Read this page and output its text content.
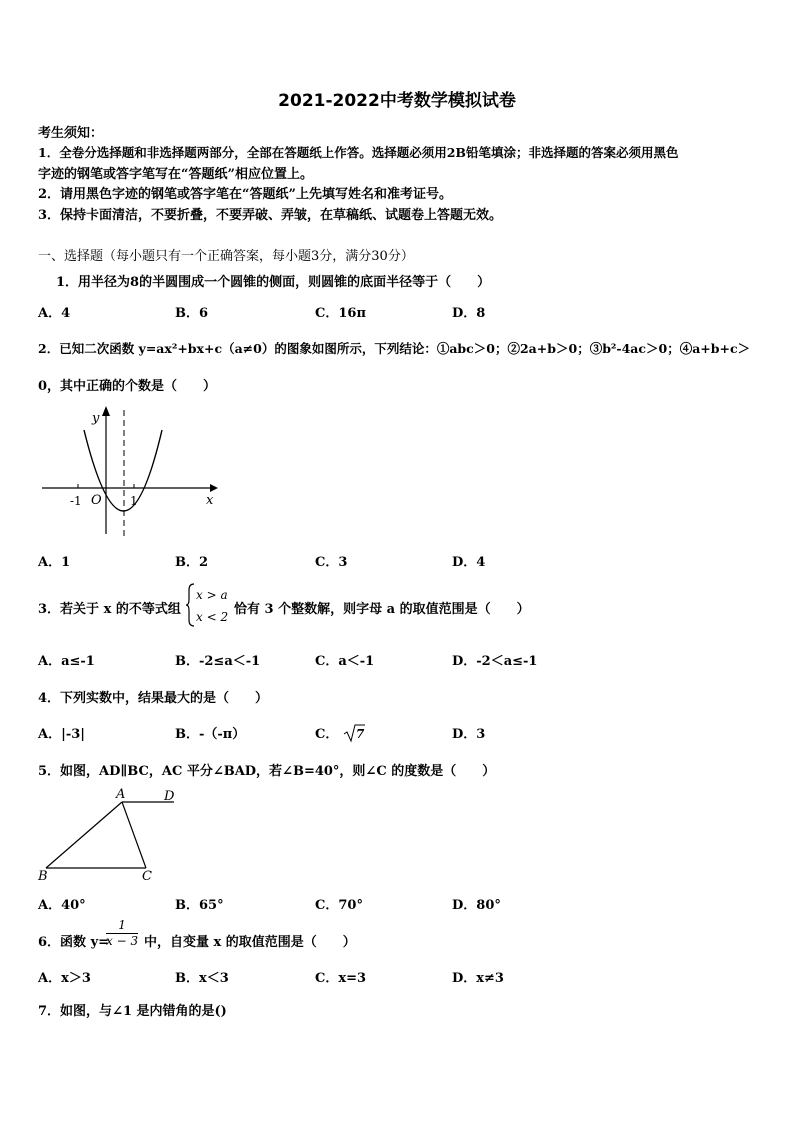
2021-2022中考数学模拟试卷
考生须知：
1．全卷分选择题和非选择题两部分，全部在答题纸上作答。选择题必须用2B铅笔填涂；非选择题的答案必须用黑色
字迹的钢笔或答字笔写在“答题纸”相应位置上。
2．请用黑色字迹的钢笔或答字笔在“答题纸”上先填写姓名和准考证号。
3．保持卡面清洁，不要折叠，不要弄破、弄皱，在草稿纸、试题卷上答题无效。
一、选择题（每小题只有一个正确答案，每小题3分，满分30分）
1．用半径为8的半圆围成一个圆锥的侧面，则圆锥的底面半径等于（　　）
A．4	B．6	C．16π	D．8
2．已知二次函数 y=ax²+bx+c（a≠0）的图象如图所示，下列结论：①abc＞0；②2a+b＞0；③b²-4ac＞0；④a+b+c＞
0，其中正确的个数是（　　）
y
x
O
-1	1
A．1	B．2	C．3	D．4
3．若关于 x 的不等式组
x > a
x < 2 恰有 3 个整数解，则字母 a 的取值范围是（　　）
A．a≤-1	B．-2≤a＜-1	C．a＜-1	D．-2＜a≤-1
4．下列实数中，结果最大的是（　　）
A．|-3|	B．-（-π）	C． 7	D．3
5．如图，AD∥BC，AC 平分∠BAD，若∠B=40°，则∠C 的度数是（　　）
A	D
B	C
A．40°	B．65°	C．70°	D．80°
6．函数 y=
$\frac{1}{x - 3}$ 中，自变量 x 的取值范围是（　　）
A．x＞3	B．x＜3	C．x=3	D．x≠3
7．如图，与∠1 是内错角的是()
